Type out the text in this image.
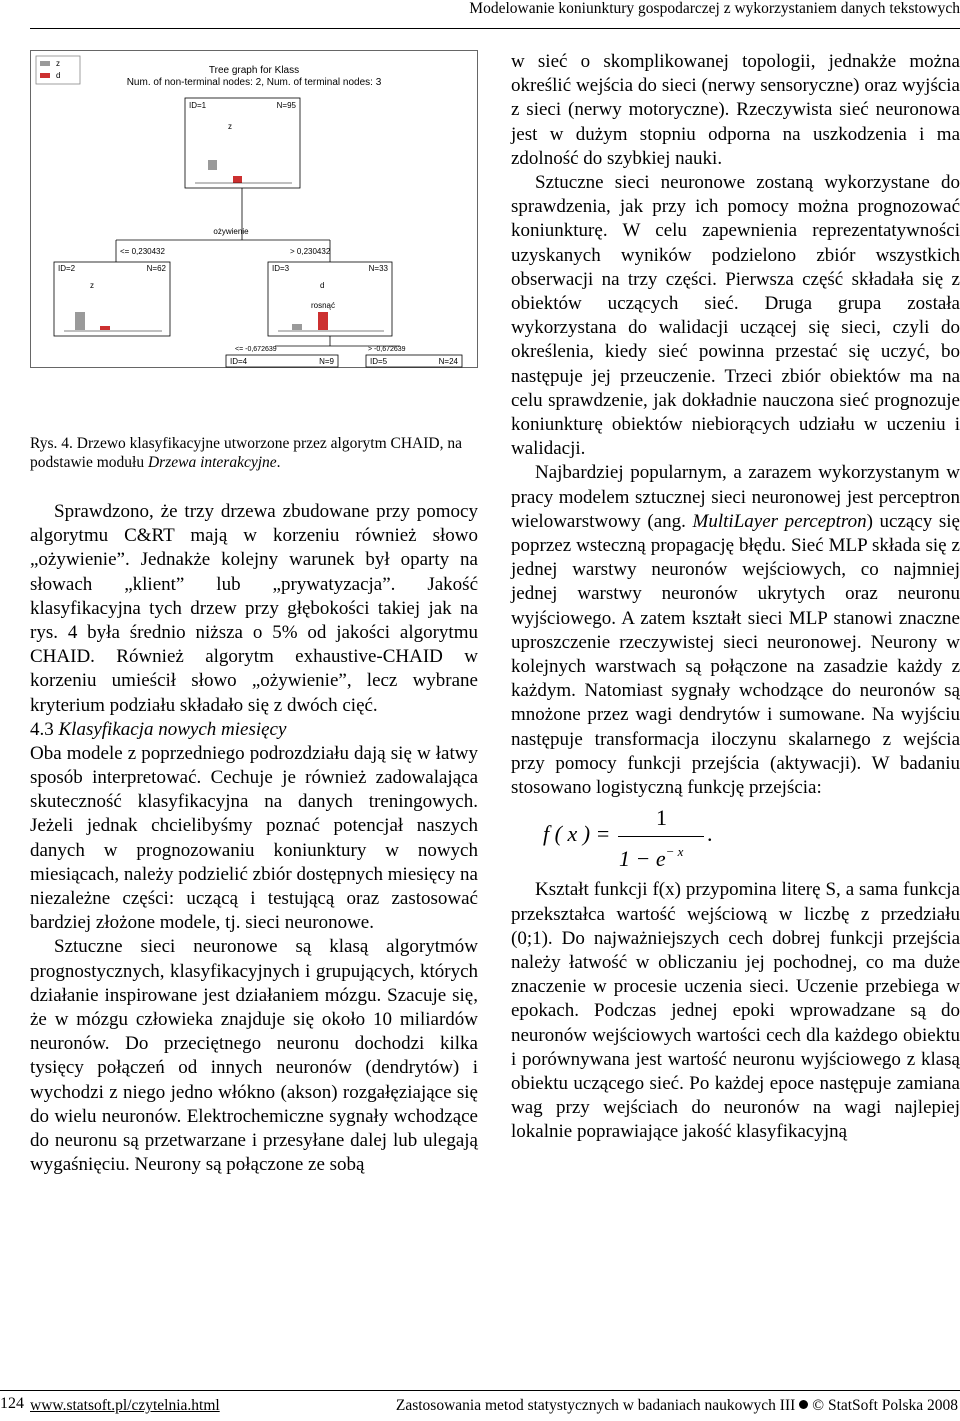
Modelowanie koniunktury gospodarczej z wykorzystaniem danych tekstowych
z
d	Tree graph for Klass
Num. of non-terminal nodes: 2, Num. of terminal nodes: 3
ID=1	N=95
z
ożywienie
<= 0,230432	> 0,230432
ID=2	N=62
z
ID=3	N=33
d
rosnąć
<= -0,672639	> -0,672639
ID=4	N=9	ID=5	N=24
Rys. 4. Drzewo klasyfikacyjne utworzone przez algorytm CHAID, na podstawie modułu Drzewa interakcyjne.

Sprawdzono, że trzy drzewa zbudowane przy pomocy algorytmu C&RT mają w korzeniu również słowo „ożywienie”. Jednakże kolejny warunek był oparty na słowach „klient” lub „prywatyzacja”. Jakość klasyfikacyjna tych drzew przy głębokości takiej jak na rys. 4 była średnio niższa o 5% od jakości algorytmu CHAID. Również algorytm exhaustive-CHAID w korzeniu umieścił słowo „ożywienie”, lecz wybrane kryterium podziału składało się z dwóch cięć.

4.3 Klasyfikacja nowych miesięcy

Oba modele z poprzedniego podrozdziału dają się w łatwy sposób interpretować. Cechuje je również zadowalająca skuteczność klasyfikacyjna na danych treningowych. Jeżeli jednak chcielibyśmy poznać potencjał naszych danych w prognozowaniu koniunktury w nowych miesiącach, należy podzielić zbiór dostępnych miesięcy na niezależne części: uczącą i testującą oraz zastosować bardziej złożone modele, tj. sieci neuronowe.

Sztuczne sieci neuronowe są klasą algorytmów prognostycznych, klasyfikacyjnych i grupujących, których działanie inspirowane jest działaniem mózgu. Szacuje się, że w mózgu człowieka znajduje się około 10 miliardów neuronów. Do przeciętnego neuronu dochodzi kilka tysięcy połączeń od innych neuronów (dendrytów) i wychodzi z niego jedno włókno (akson) rozgałęziające się do wielu neuronów. Elektrochemiczne sygnały wchodzące do neuronu są przetwarzane i przesyłane dalej lub ulegają wygaśnięciu. Neurony są połączone ze sobą

w sieć o skomplikowanej topologii, jednakże można określić wejścia do sieci (nerwy sensoryczne) oraz wyjścia z sieci (nerwy motoryczne). Rzeczywista sieć neuronowa jest w dużym stopniu odporna na uszkodzenia i ma zdolność do szybkiej nauki.

Sztuczne sieci neuronowe zostaną wykorzystane do sprawdzenia, jak przy ich pomocy można prognozować koniunkturę. W celu zapewnienia reprezentatywności uzyskanych wyników podzielono zbiór wszystkich obserwacji na trzy części. Pierwsza część składała się z obiektów uczących sieć. Druga grupa została wykorzystana do walidacji uczącej się sieci, czyli do określenia, kiedy sieć powinna przestać się uczyć, bo następuje jej przeuczenie. Trzeci zbiór obiektów ma na celu sprawdzenie, jak dokładnie nauczona sieć prognozuje koniunkturę obiektów niebiorących udziału w uczeniu i walidacji.

Najbardziej popularnym, a zarazem wykorzystanym w pracy modelem sztucznej sieci neuronowej jest perceptron wielowarstwowy (ang. MultiLayer perceptron) uczący się poprzez wsteczną propagację błędu. Sieć MLP składa się z jednej warstwy neuronów wejściowych, co najmniej jednej warstwy neuronów ukrytych oraz neuronu wyjściowego. A zatem kształt sieci MLP stanowi znaczne uproszczenie rzeczywistej sieci neuronowej. Neurony w kolejnych warstwach są połączone na zasadzie każdy z każdym. Natomiast sygnały wchodzące do neuronów są mnożone przez wagi dendrytów i sumowane. Na wyjściu następuje transformacja iloczynu skalarnego z wejścia przy pomocy funkcji przejścia (aktywacji). W badaniu stosowano logistyczną funkcję przejścia:

f ( x ) =
1
$1 - e^{- x}$
.

Kształt funkcji f(x) przypomina literę S, a sama funkcja przekształca wartość wejściową w liczbę z przedziału (0;1). Do najważniejszych cech dobrej funkcji przejścia należy łatwość w obliczaniu jej pochodnej, co ma duże znaczenie w procesie uczenia sieci. Uczenie przebiega w epokach. Podczas jednej epoki wprowadzane są do neuronów wejściowych wartości cech dla każdego obiektu i porównywana jest wartość neuronu wyjściowego z klasą obiektu uczącego sieć. Po każdej epoce następuje zamiana wag przy wejściach do neuronów na wagi najlepiej lokalnie poprawiające jakość klasyfikacyjną

124 www.statsoft.pl/czytelnia.html	Zastosowania metod statystycznych w badaniach naukowych III © StatSoft Polska 2008
